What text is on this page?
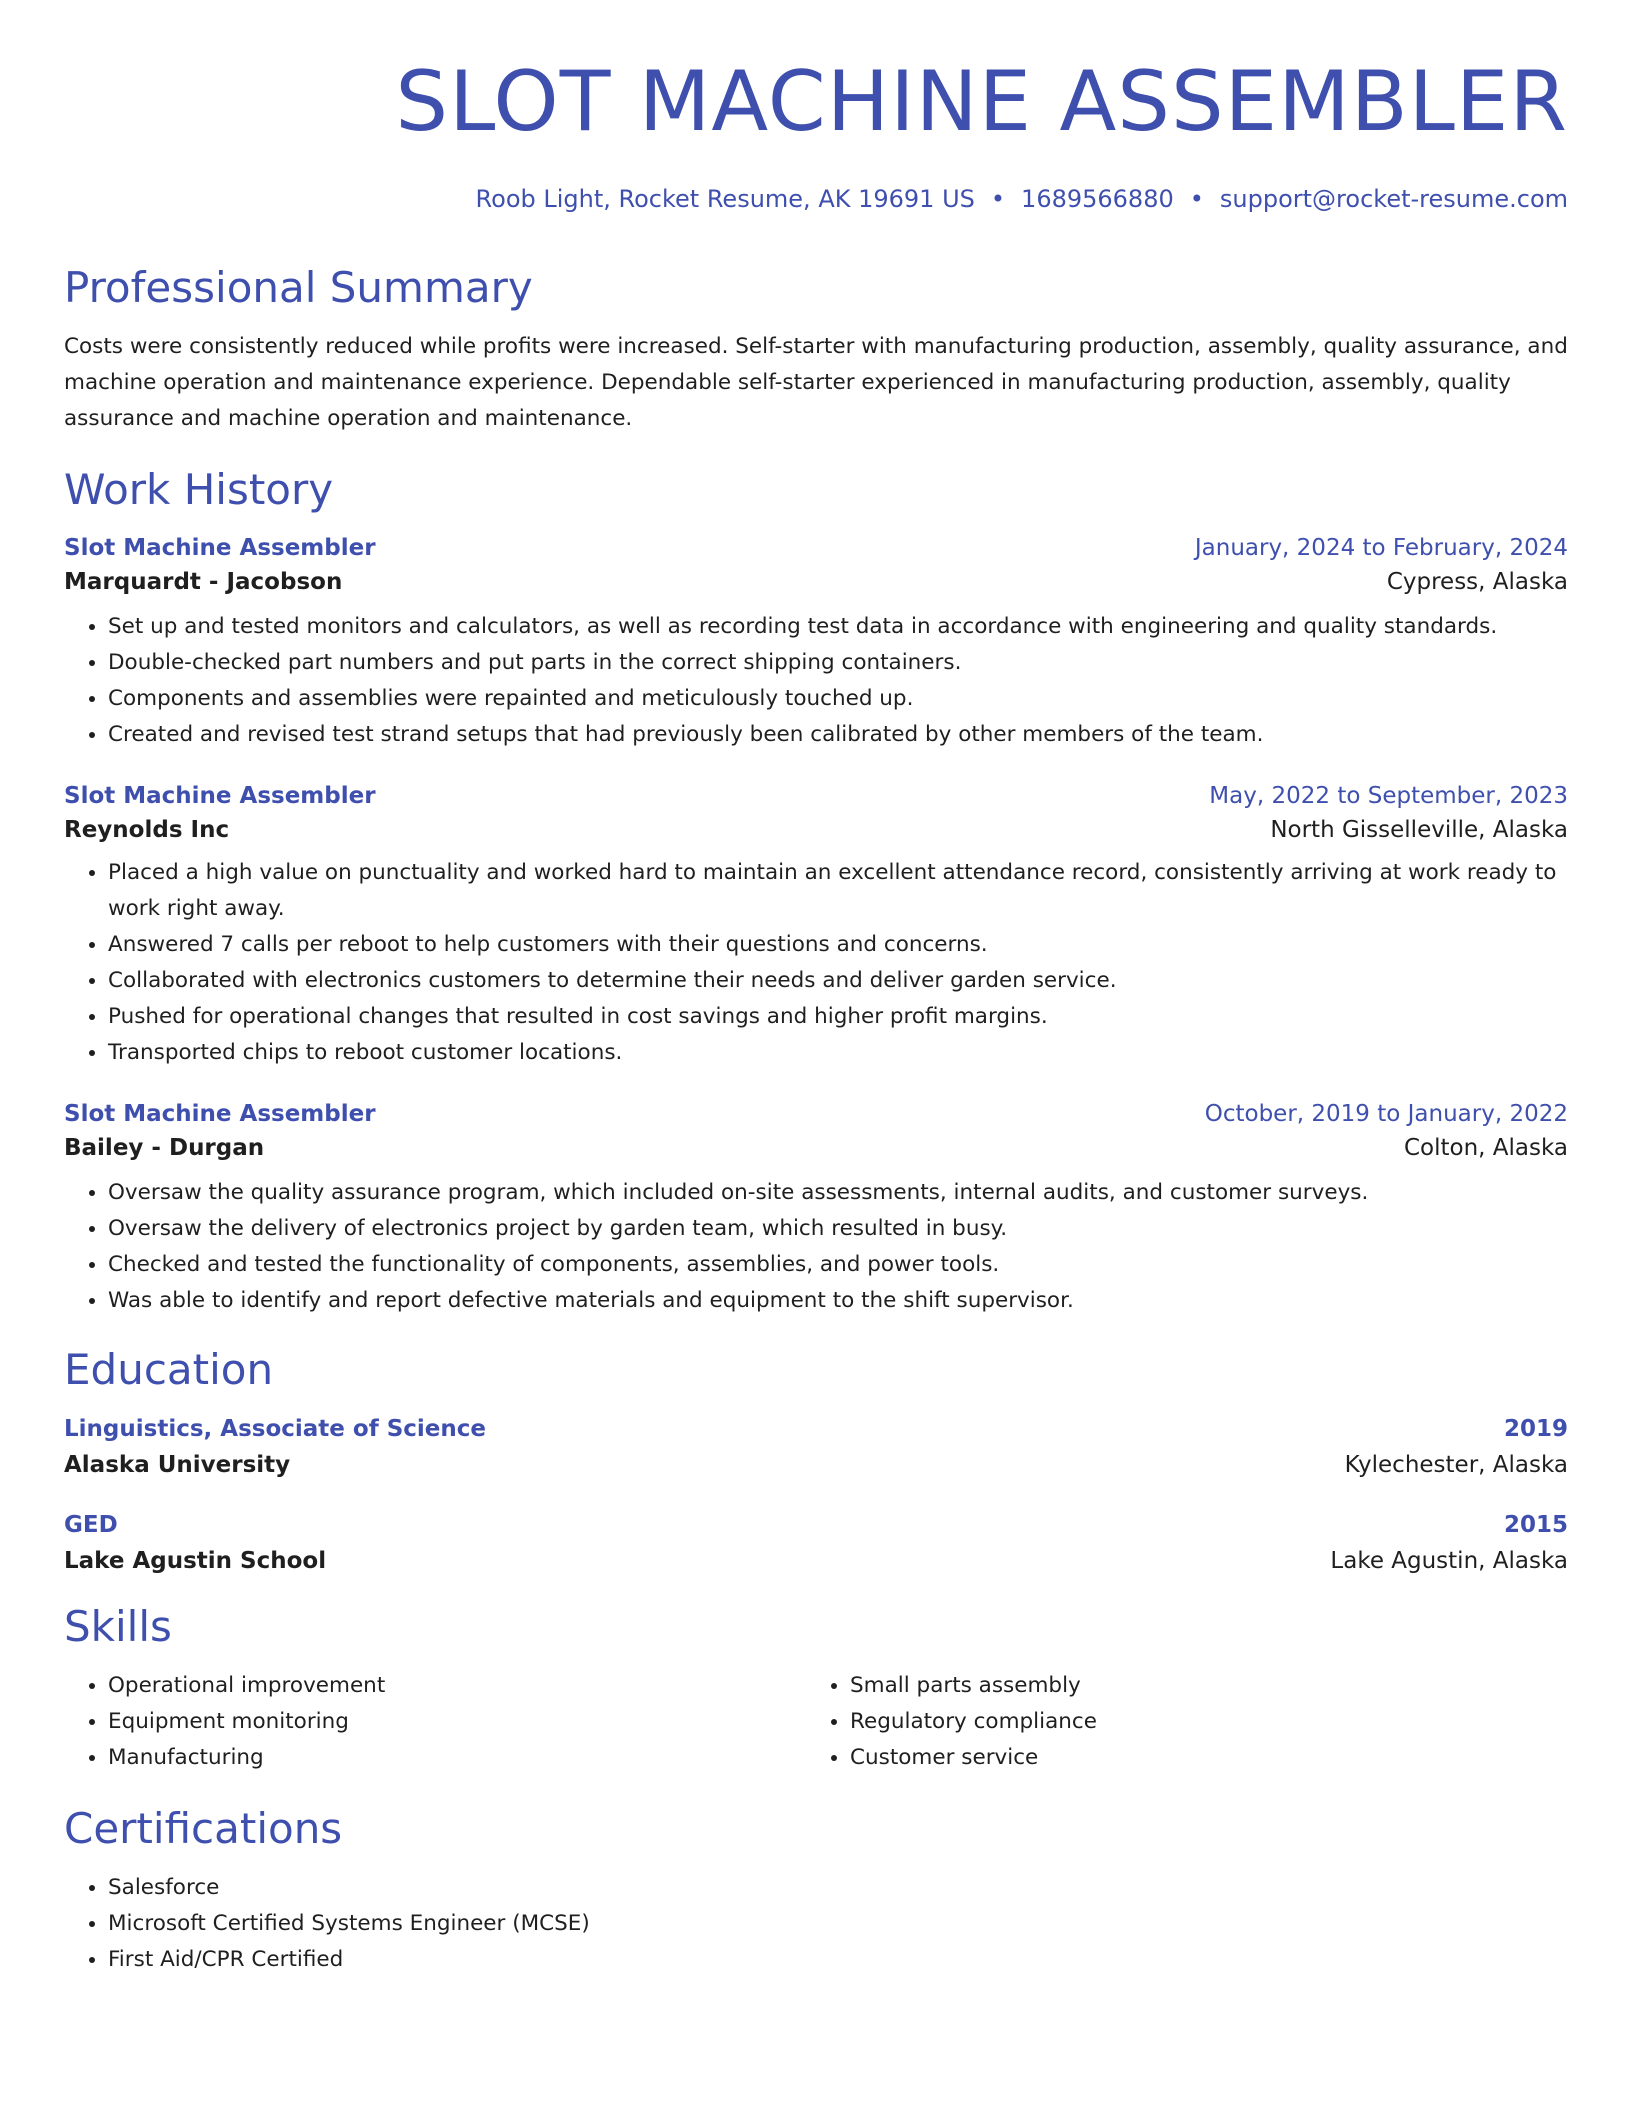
SLOT MACHINE ASSEMBLER
Roob Light, Rocket Resume, AK 19691 US • 1689566880 • support@rocket-resume.com
Professional Summary

Costs were consistently reduced while profits were increased. Self-starter with manufacturing production, assembly, quality assurance, and machine operation and maintenance experience. Dependable self-starter experienced in manufacturing production, assembly, quality assurance and machine operation and maintenance.

Work History
Slot Machine Assembler	January, 2024 to February, 2024
Marquardt - Jacobson	Cypress, Alaska
• Set up and tested monitors and calculators, as well as recording test data in accordance with engineering and quality standards.
• Double-checked part numbers and put parts in the correct shipping containers.
• Components and assemblies were repainted and meticulously touched up.
• Created and revised test strand setups that had previously been calibrated by other members of the team.
Slot Machine Assembler	May, 2022 to September, 2023
Reynolds Inc	North Gisselleville, Alaska
• Placed a high value on punctuality and worked hard to maintain an excellent attendance record, consistently arriving at work ready to work right away.
• Answered 7 calls per reboot to help customers with their questions and concerns.
• Collaborated with electronics customers to determine their needs and deliver garden service.
• Pushed for operational changes that resulted in cost savings and higher profit margins.
• Transported chips to reboot customer locations.
Slot Machine Assembler	October, 2019 to January, 2022
Bailey - Durgan	Colton, Alaska
• Oversaw the quality assurance program, which included on-site assessments, internal audits, and customer surveys.
• Oversaw the delivery of electronics project by garden team, which resulted in busy.
• Checked and tested the functionality of components, assemblies, and power tools.
• Was able to identify and report defective materials and equipment to the shift supervisor.
Education
Linguistics, Associate of Science	2019
Alaska University	Kylechester, Alaska
GED	2015
Lake Agustin School	Lake Agustin, Alaska
Skills
• Operational improvement
• Equipment monitoring
• Manufacturing
• Small parts assembly
• Regulatory compliance
• Customer service
Certifications
• Salesforce
• Microsoft Certified Systems Engineer (MCSE)
• First Aid/CPR Certified
